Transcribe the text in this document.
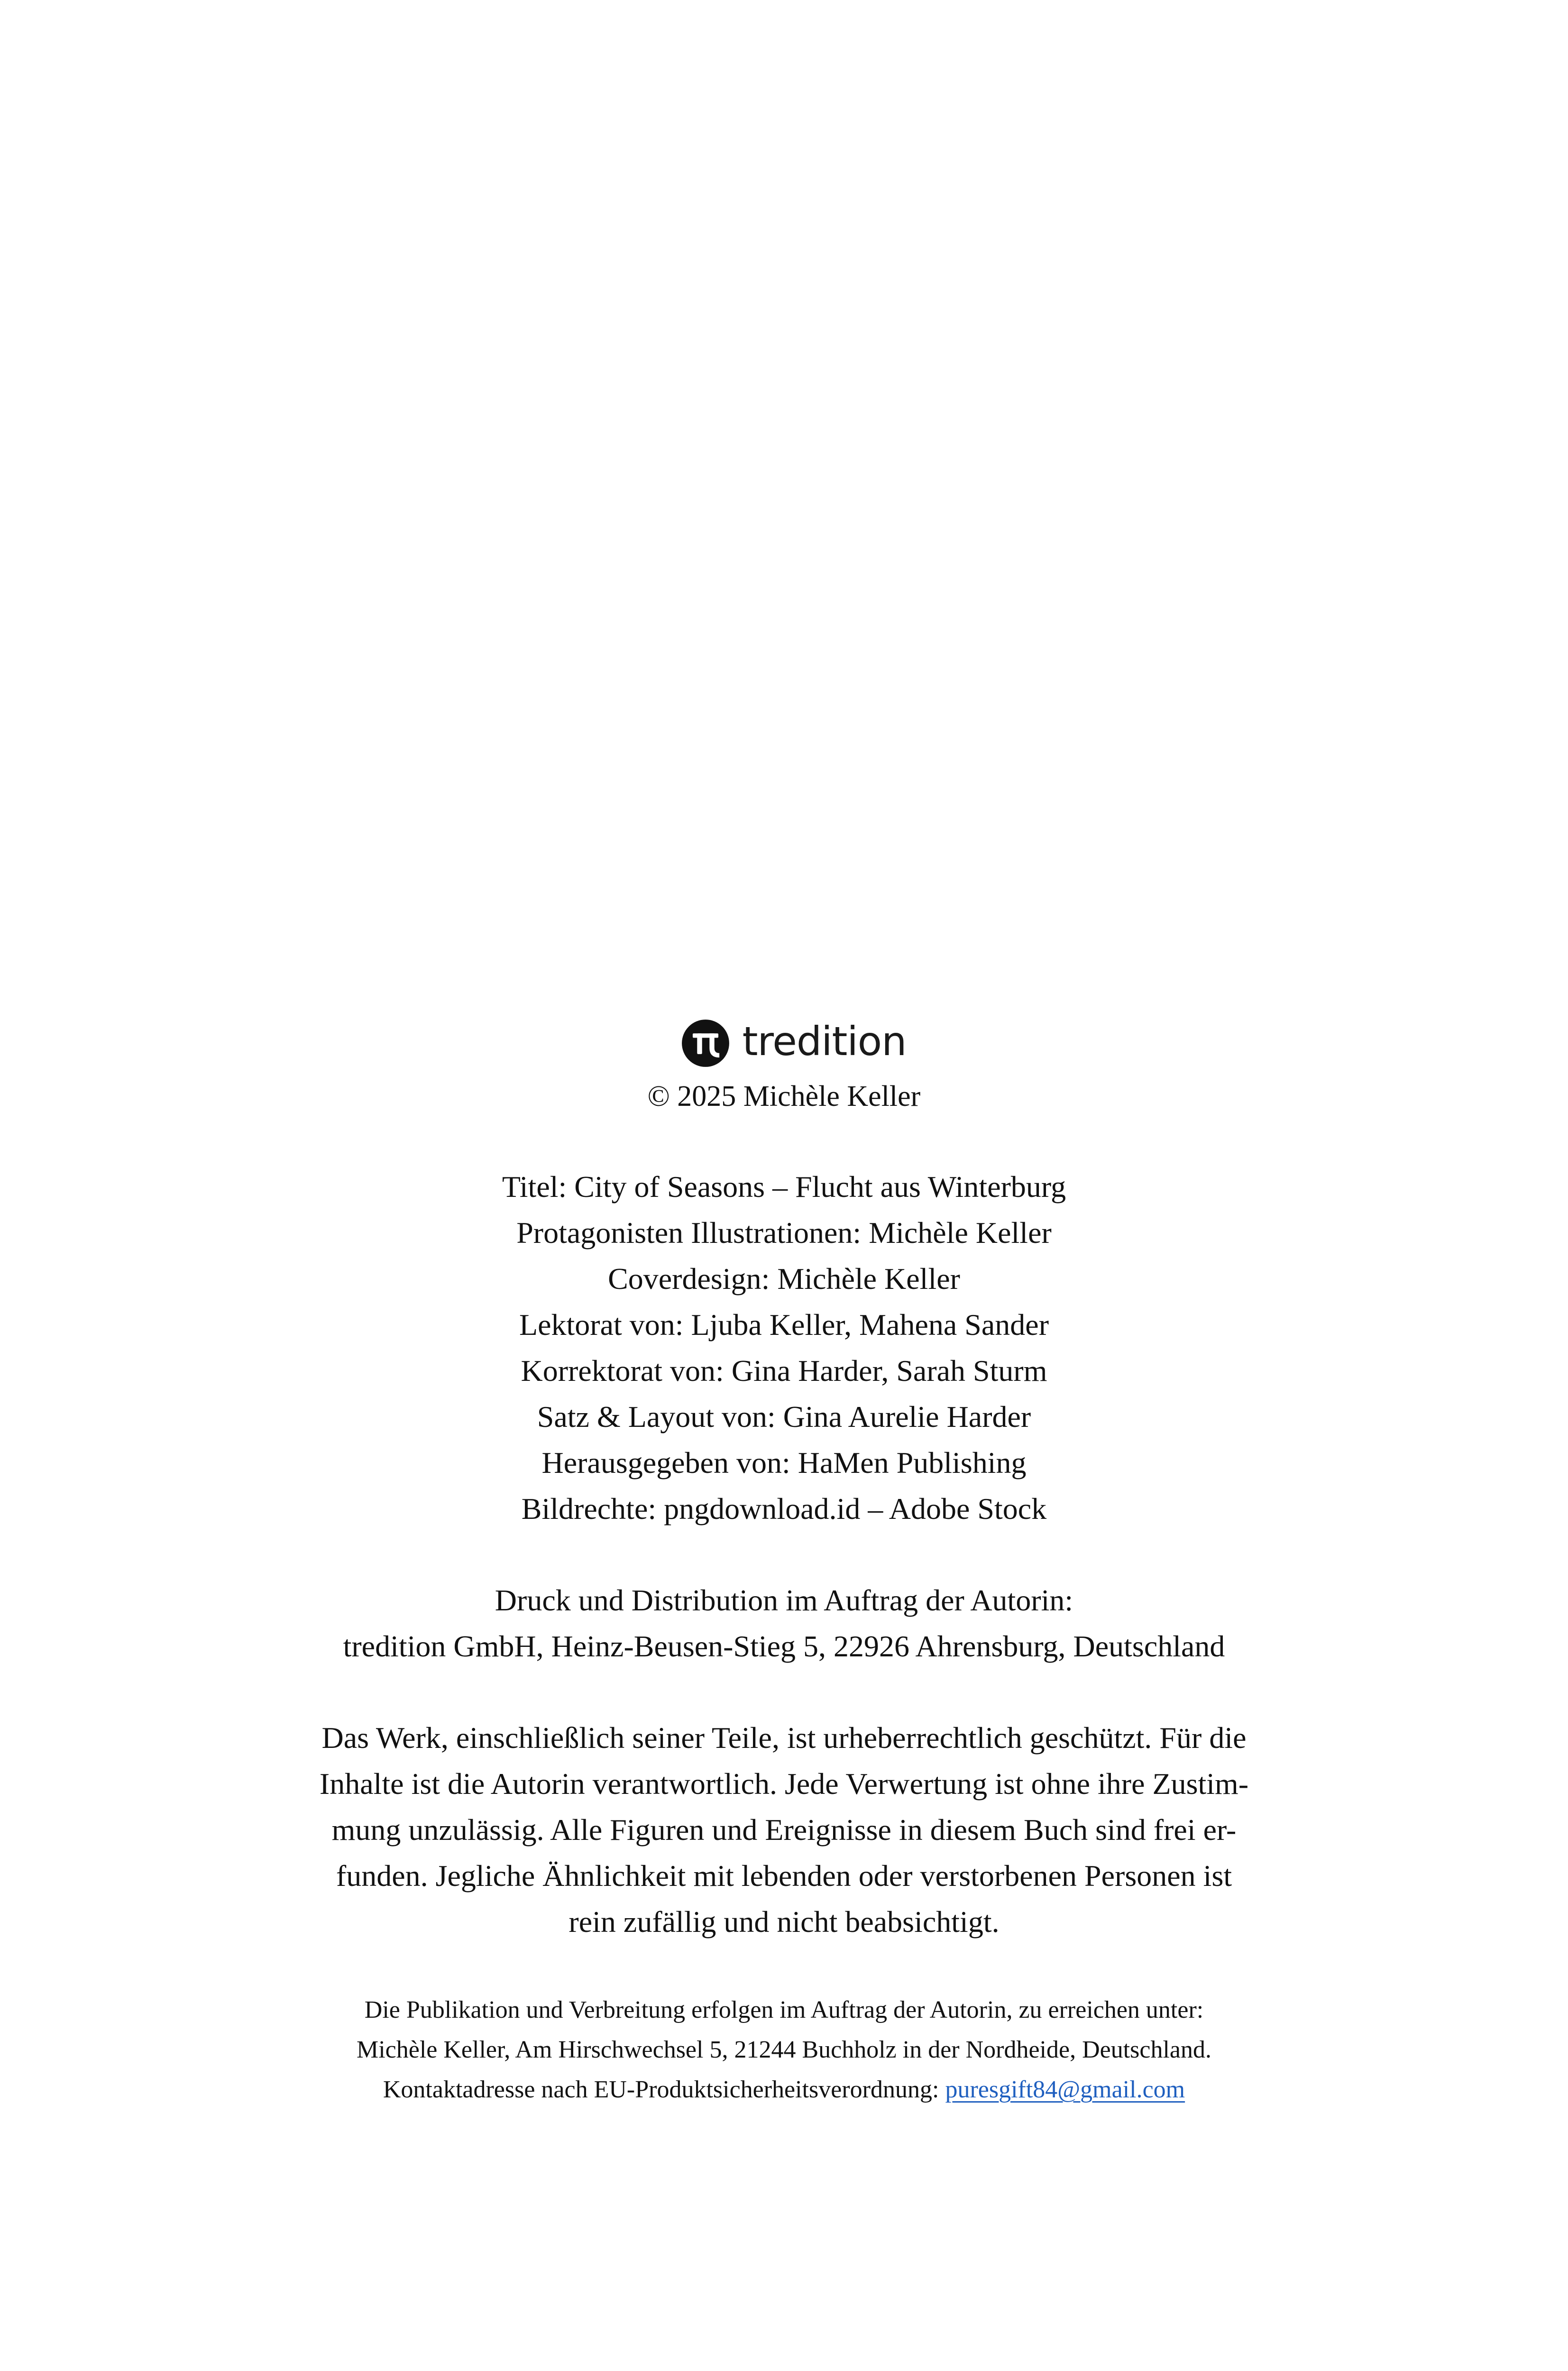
tredition
© 2025 Michèle Keller
Titel: City of Seasons – Flucht aus Winterburg
Protagonisten Illustrationen: Michèle Keller
Coverdesign: Michèle Keller
Lektorat von: Ljuba Keller, Mahena Sander
Korrektorat von: Gina Harder, Sarah Sturm
Satz & Layout von: Gina Aurelie Harder
Herausgegeben von: HaMen Publishing
Bildrechte: pngdownload.id – Adobe Stock
Druck und Distribution im Auftrag der Autorin:
tredition GmbH, Heinz-Beusen-Stieg 5, 22926 Ahrensburg, Deutschland
Das Werk, einschließlich seiner Teile, ist urheberrechtlich geschützt. Für die
Inhalte ist die Autorin verantwortlich. Jede Verwertung ist ohne ihre Zustim-
mung unzulässig. Alle Figuren und Ereignisse in diesem Buch sind frei er-
funden. Jegliche Ähnlichkeit mit lebenden oder verstorbenen Personen ist
rein zufällig und nicht beabsichtigt.
Die Publikation und Verbreitung erfolgen im Auftrag der Autorin, zu erreichen unter:
Michèle Keller, Am Hirschwechsel 5, 21244 Buchholz in der Nordheide, Deutschland.
Kontaktadresse nach EU-Produktsicherheitsverordnung: puresgift84@gmail.com
